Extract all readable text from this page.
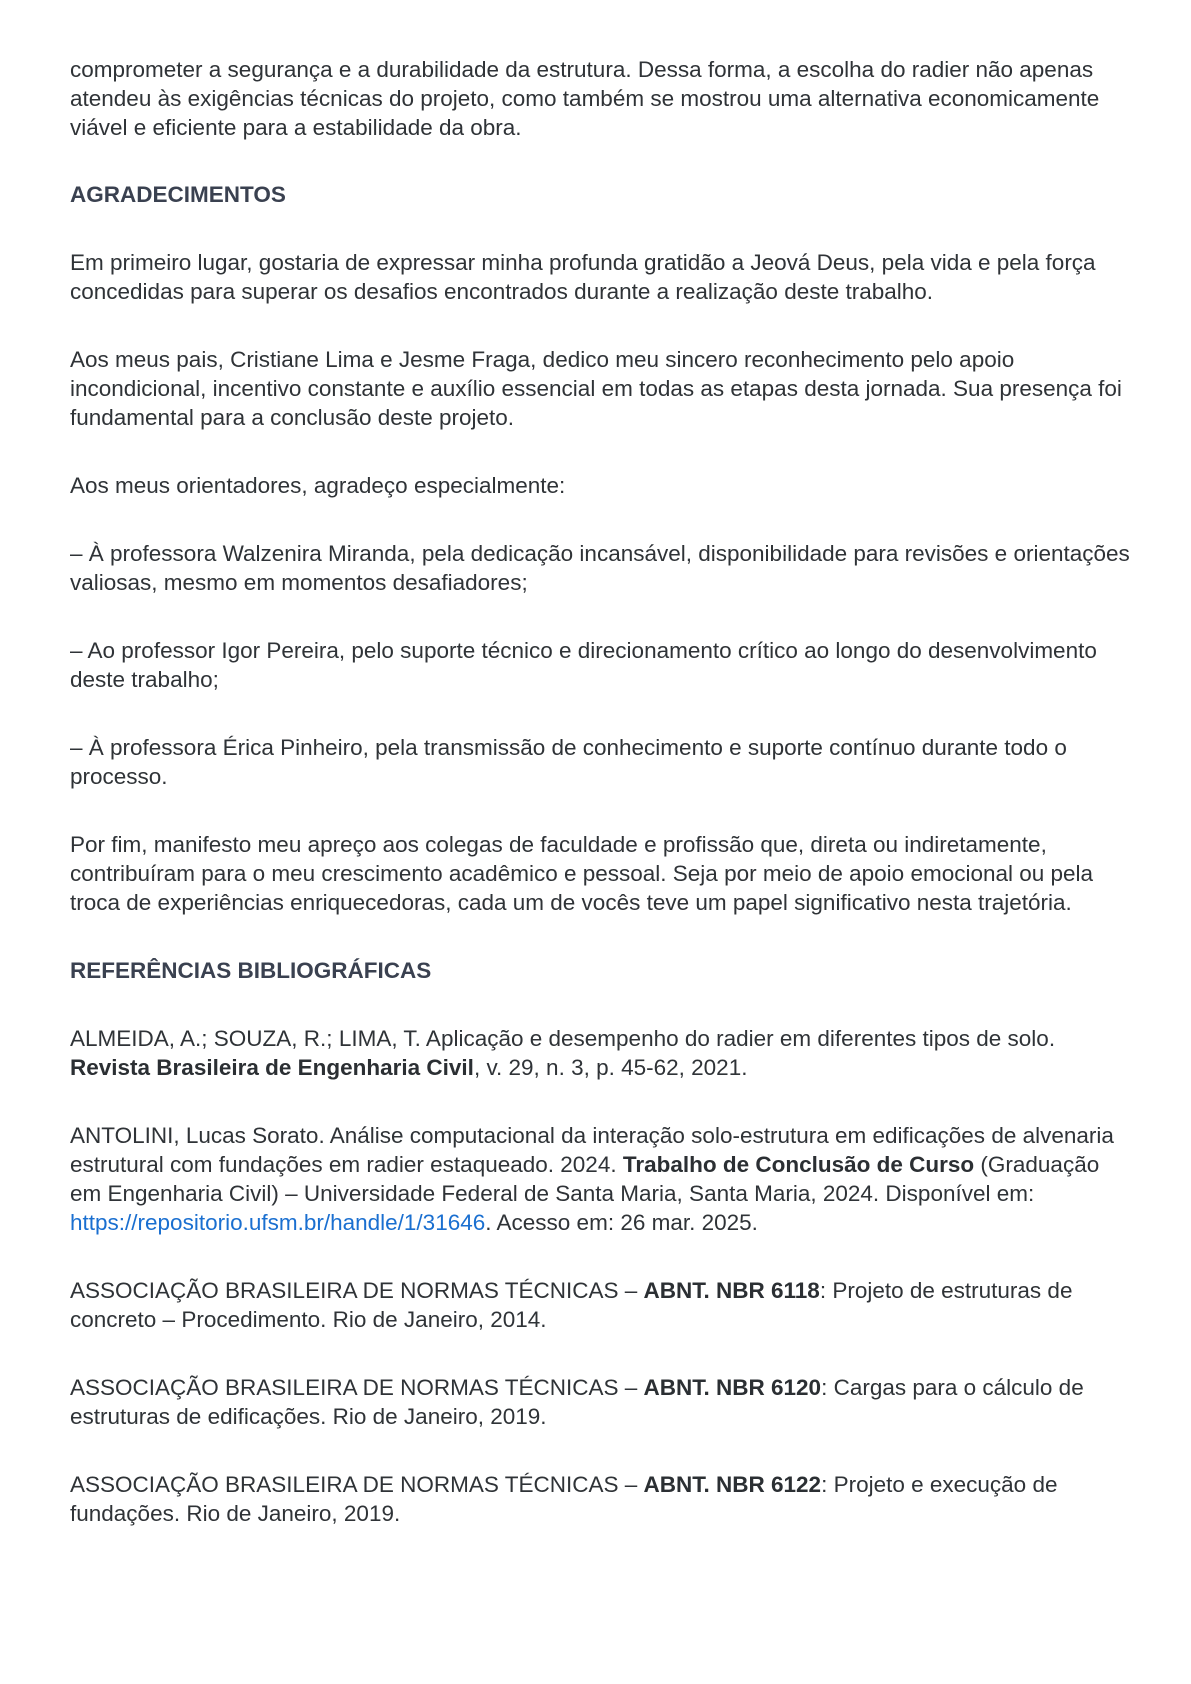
comprometer a segurança e a durabilidade da estrutura. Dessa forma, a escolha do radier não apenas atendeu às exigências técnicas do projeto, como também se mostrou uma alternativa economicamente viável e eficiente para a estabilidade da obra.

AGRADECIMENTOS

Em primeiro lugar, gostaria de expressar minha profunda gratidão a Jeová Deus, pela vida e pela força concedidas para superar os desafios encontrados durante a realização deste trabalho.

Aos meus pais, Cristiane Lima e Jesme Fraga, dedico meu sincero reconhecimento pelo apoio incondicional, incentivo constante e auxílio essencial em todas as etapas desta jornada. Sua presença foi fundamental para a conclusão deste projeto.

Aos meus orientadores, agradeço especialmente:

– À professora Walzenira Miranda, pela dedicação incansável, disponibilidade para revisões e orientações valiosas, mesmo em momentos desafiadores;

– Ao professor Igor Pereira, pelo suporte técnico e direcionamento crítico ao longo do desenvolvimento deste trabalho;

– À professora Érica Pinheiro, pela transmissão de conhecimento e suporte contínuo durante todo o processo.

Por fim, manifesto meu apreço aos colegas de faculdade e profissão que, direta ou indiretamente, contribuíram para o meu crescimento acadêmico e pessoal. Seja por meio de apoio emocional ou pela troca de experiências enriquecedoras, cada um de vocês teve um papel significativo nesta trajetória.

REFERÊNCIAS BIBLIOGRÁFICAS

ALMEIDA, A.; SOUZA, R.; LIMA, T. Aplicação e desempenho do radier em diferentes tipos de solo. Revista Brasileira de Engenharia Civil, v. 29, n. 3, p. 45-62, 2021.

ANTOLINI, Lucas Sorato. Análise computacional da interação solo-estrutura em edificações de alvenaria estrutural com fundações em radier estaqueado. 2024. Trabalho de Conclusão de Curso (Graduação em Engenharia Civil) – Universidade Federal de Santa Maria, Santa Maria, 2024. Disponível em: https://repositorio.ufsm.br/handle/1/31646. Acesso em: 26 mar. 2025.

ASSOCIAÇÃO BRASILEIRA DE NORMAS TÉCNICAS – ABNT. NBR 6118: Projeto de estruturas de concreto – Procedimento. Rio de Janeiro, 2014.

ASSOCIAÇÃO BRASILEIRA DE NORMAS TÉCNICAS – ABNT. NBR 6120: Cargas para o cálculo de estruturas de edificações. Rio de Janeiro, 2019.

ASSOCIAÇÃO BRASILEIRA DE NORMAS TÉCNICAS – ABNT. NBR 6122: Projeto e execução de fundações. Rio de Janeiro, 2019.
